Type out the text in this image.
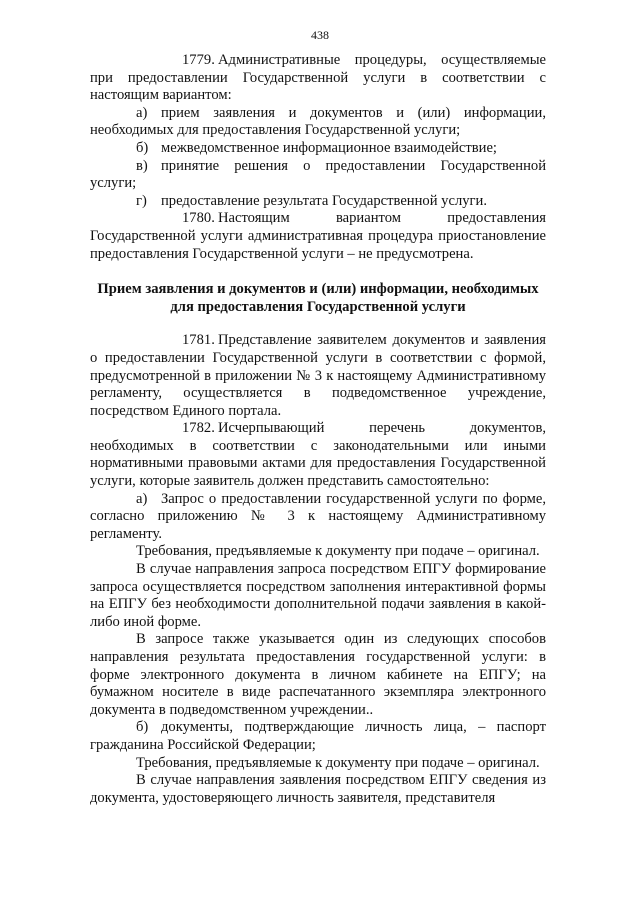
438

1779. Административные процедуры, осуществляемые при предоставлении Государственной услуги в соответствии с настоящим вариантом:

а) прием заявления и документов и (или) информации, необходимых для предоставления Государственной услуги;

б) межведомственное информационное взаимодействие;

в) принятие решения о предоставлении Государственной услуги;

г) предоставление результата Государственной услуги.

1780. Настоящим вариантом предоставления Государственной услуги административная процедура приостановление предоставления Государственной услуги – не предусмотрена.

Прием заявления и документов и (или) информации, необходимых для предоставления Государственной услуги

1781. Представление заявителем документов и заявления о предоставлении Государственной услуги в соответствии с формой, предусмотренной в приложении № 3 к настоящему Административному регламенту, осуществляется в подведомственное учреждение, посредством Единого портала.

1782. Исчерпывающий перечень документов, необходимых в соответствии с законодательными или иными нормативными правовыми актами для предоставления Государственной услуги, которые заявитель должен представить самостоятельно:

а) Запрос о предоставлении государственной услуги по форме, согласно приложению № 3 к настоящему Административному регламенту.

Требования, предъявляемые к документу при подаче – оригинал.

В случае направления запроса посредством ЕПГУ формирование запроса осуществляется посредством заполнения интерактивной формы на ЕПГУ без необходимости дополнительной подачи заявления в какой-либо иной форме.

В запросе также указывается один из следующих способов направления результата предоставления государственной услуги: в форме электронного документа в личном кабинете на ЕПГУ; на бумажном носителе в виде распечатанного экземпляра электронного документа в подведомственном учреждении..

б) документы, подтверждающие личность лица, – паспорт гражданина Российской Федерации;

Требования, предъявляемые к документу при подаче – оригинал.

В случае направления заявления посредством ЕПГУ сведения из документа, удостоверяющего личность заявителя, представителя
